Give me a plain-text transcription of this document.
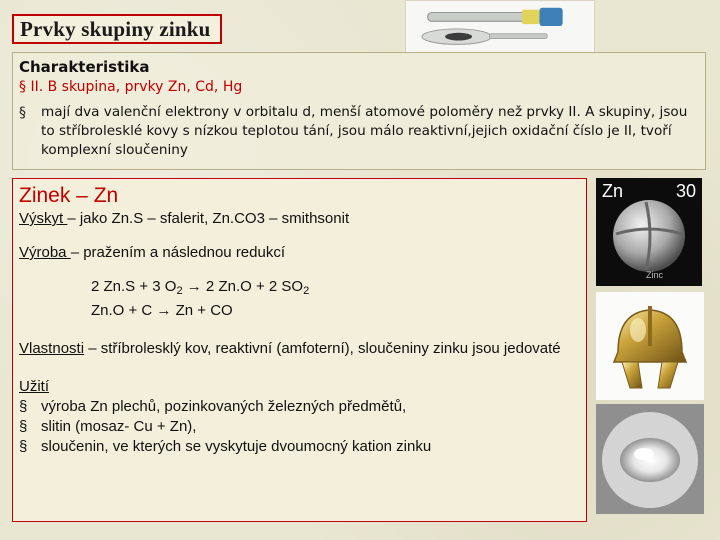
Prvky skupiny zinku
Charakteristika
§ II. B skupina, prvky Zn, Cd, Hg
§	mají dva valenční elektrony v orbitalu d, menší atomové poloměry než prvky II. A skupiny, jsou to stříbrolesklé kovy s nízkou teplotou tání, jsou málo reaktivní,jejich oxidační číslo je II, tvoří komplexní sloučeniny
Zinek – Zn
Výskyt – jako Zn.S – sfalerit, Zn.CO3 – smithsonit
Výroba – pražením a následnou redukcí
2 Zn.S + 3 $O_2 \to 2$ Zn.O + 2 $SO_2$
Zn.O + C → Zn + CO
Vlastnosti – stříbrolesklý kov, reaktivní (amfoterní), sloučeniny zinku jsou jedovaté
Užití
§ výroba Zn plechů, pozinkovaných železných předmětů,
§ slitin (mosaz- Cu + Zn),
§ sloučenin, ve kterých se vyskytuje dvoumocný kation zinku
Zn	30
Zinc
